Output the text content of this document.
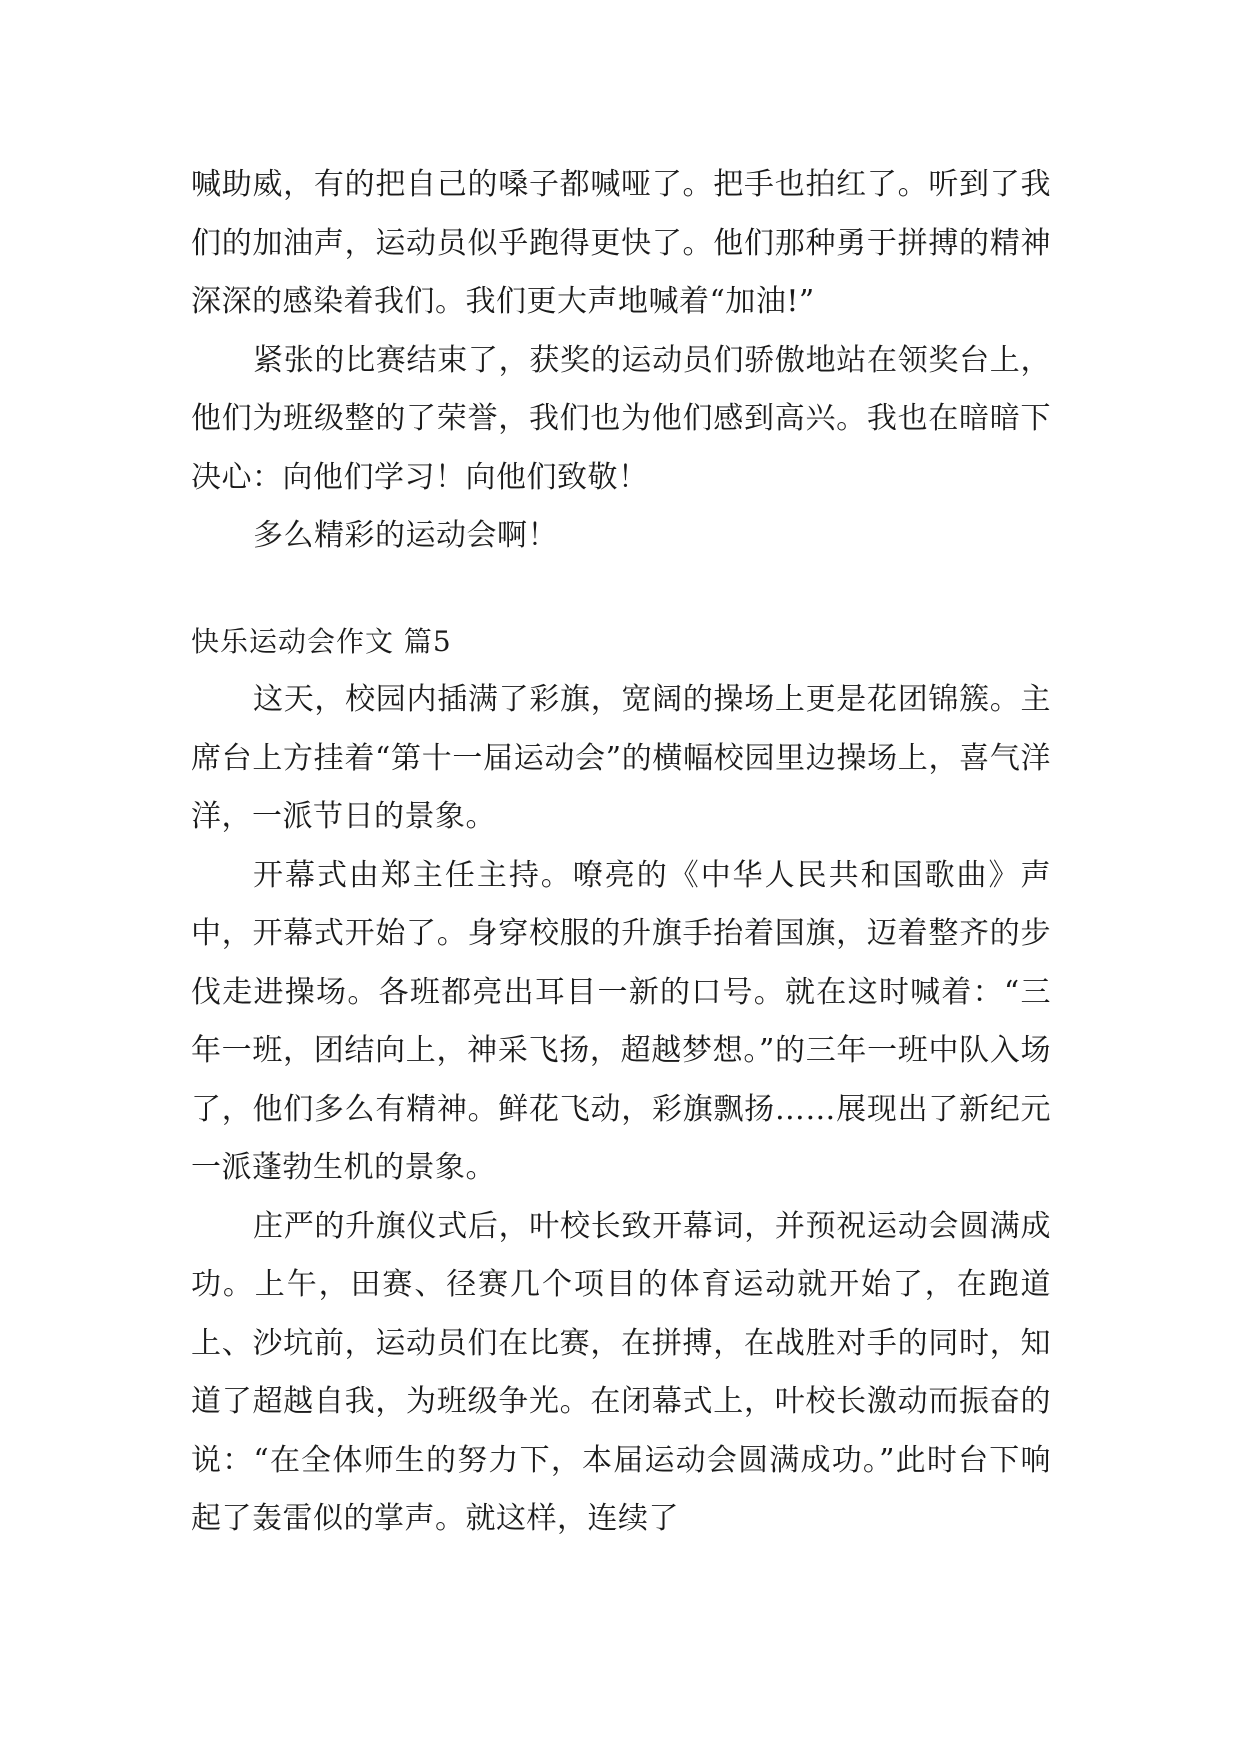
喊助威，有的把自己的嗓子都喊哑了。把手也拍红了。听到了我们的加油声，运动员似乎跑得更快了。他们那种勇于拼搏的精神深深的感染着我们。我们更大声地喊着“加油!”

紧张的比赛结束了，获奖的运动员们骄傲地站在领奖台上，他们为班级整的了荣誉，我们也为他们感到高兴。我也在暗暗下决心：向他们学习！向他们致敬！

多么精彩的运动会啊！

快乐运动会作文 篇5

这天，校园内插满了彩旗，宽阔的操场上更是花团锦簇。主席台上方挂着“第十一届运动会”的横幅校园里边操场上，喜气洋洋，一派节日的景象。

开幕式由郑主任主持。嘹亮的《中华人民共和国歌曲》声中，开幕式开始了。身穿校服的升旗手抬着国旗，迈着整齐的步伐走进操场。各班都亮出耳目一新的口号。就在这时喊着：“三年一班，团结向上，神采飞扬，超越梦想。”的三年一班中队入场了，他们多么有精神。鲜花飞动，彩旗飘扬……展现出了新纪元一派蓬勃生机的景象。

庄严的升旗仪式后，叶校长致开幕词，并预祝运动会圆满成功。上午，田赛、径赛几个项目的体育运动就开始了，在跑道上、沙坑前，运动员们在比赛，在拼搏，在战胜对手的同时，知道了超越自我，为班级争光。在闭幕式上，叶校长激动而振奋的说：“在全体师生的努力下，本届运动会圆满成功。”此时台下响起了轰雷似的掌声。就这样，连续了
